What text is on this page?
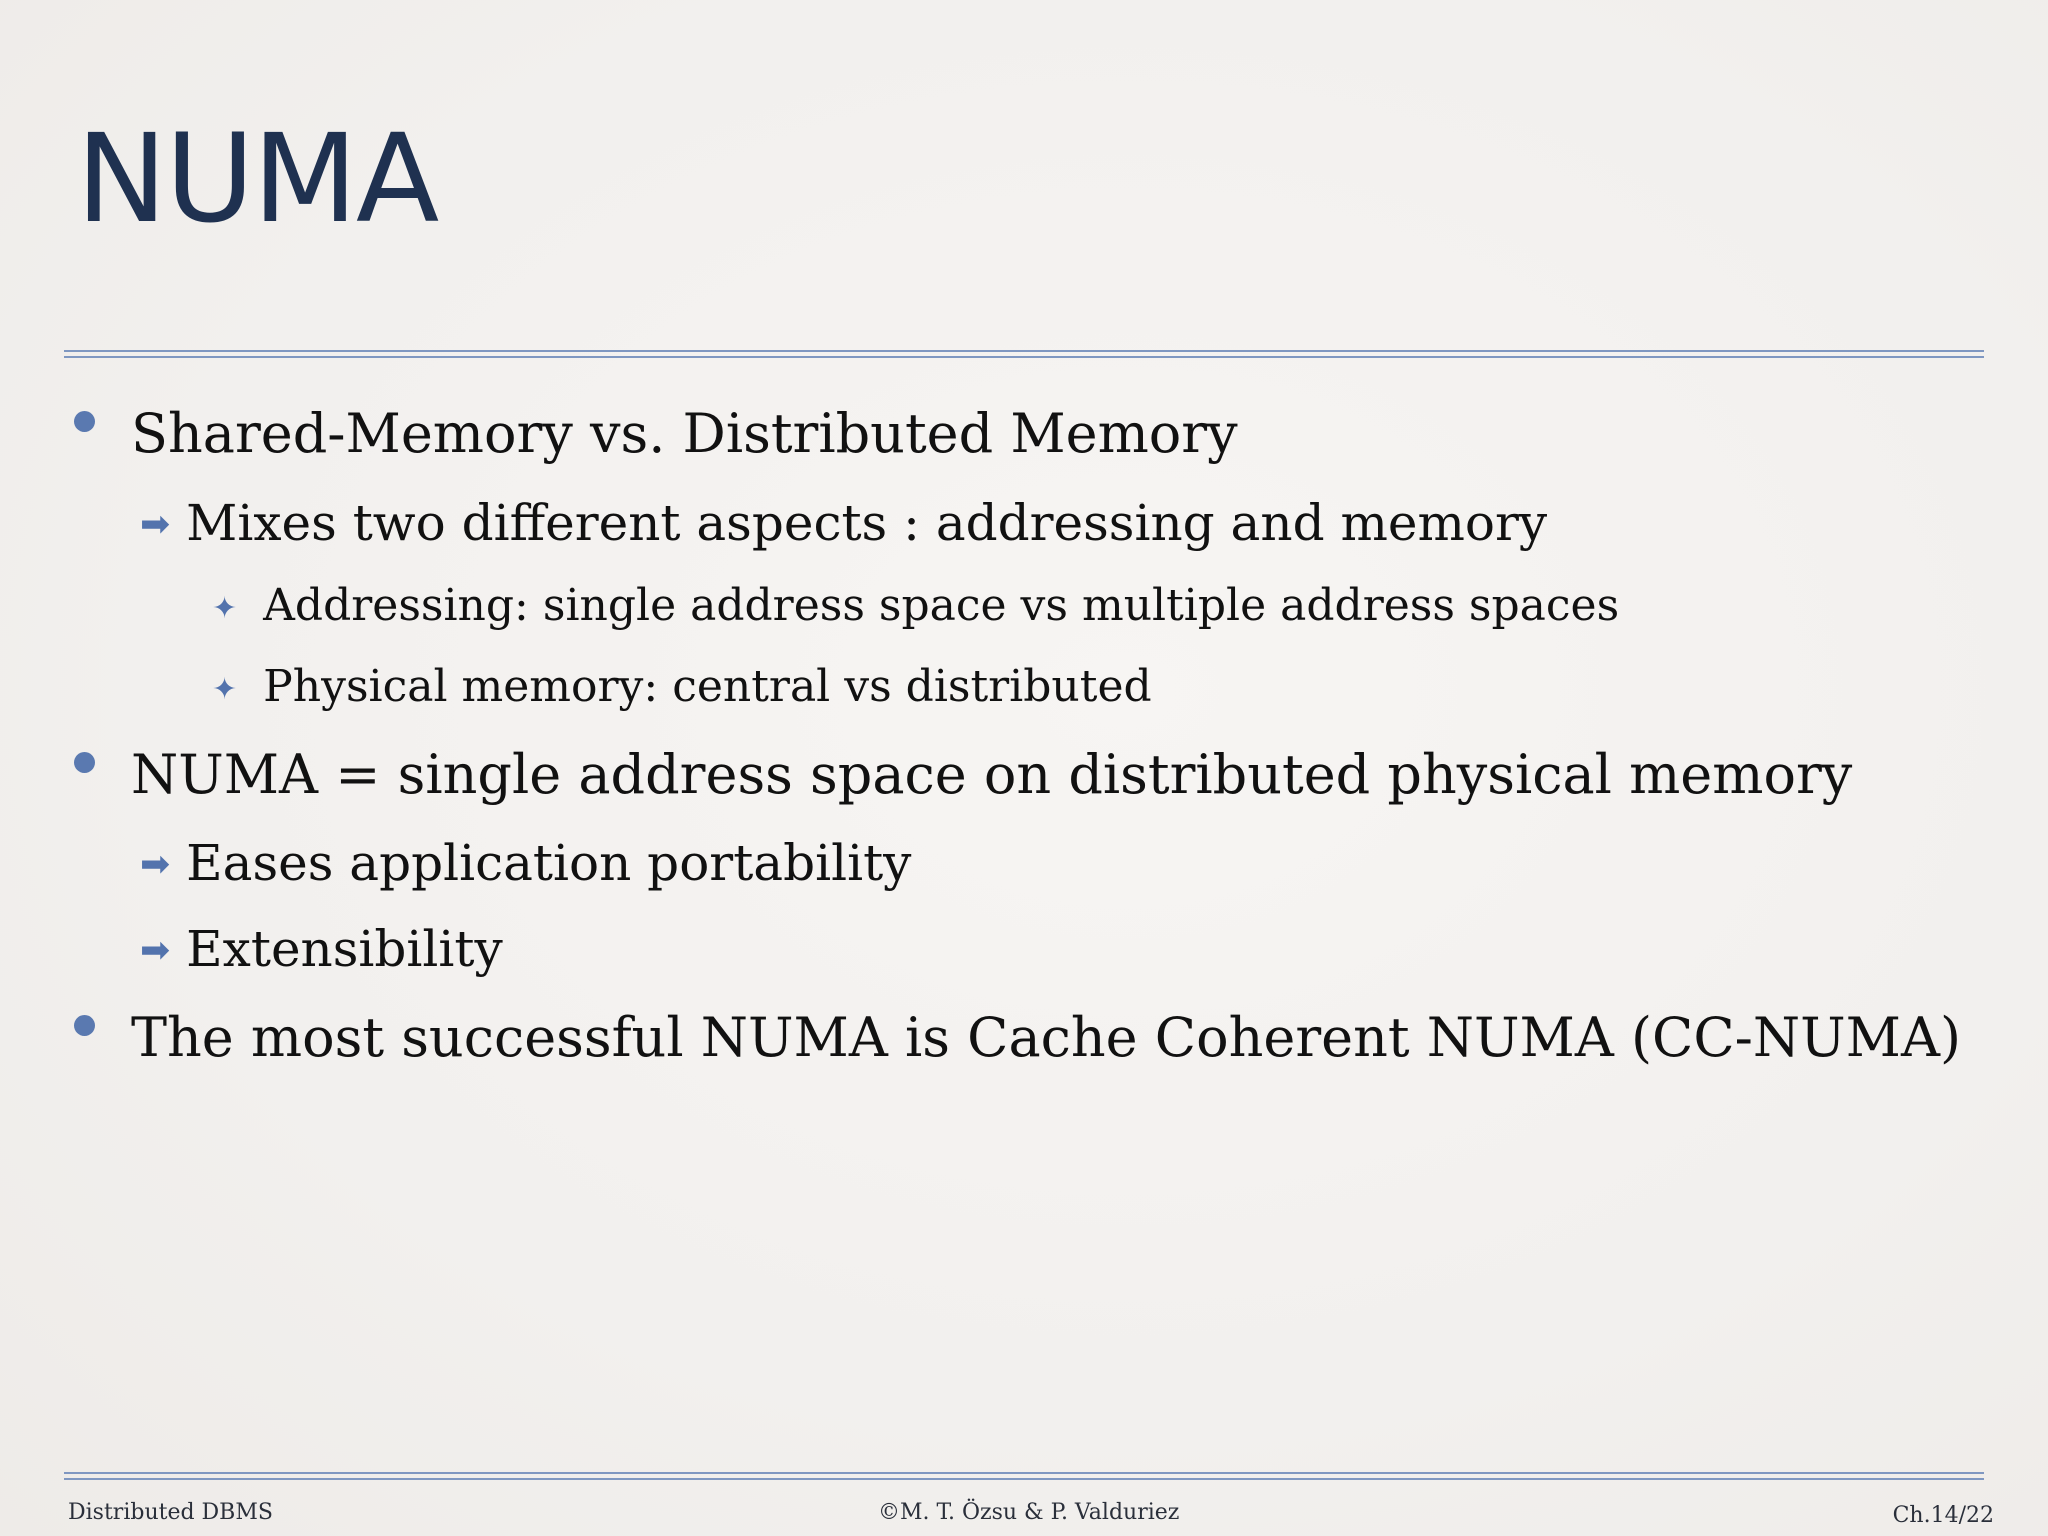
NUMA
Shared-Memory vs. Distributed Memory
➡ Mixes two different aspects : addressing and memory
✦ Addressing: single address space vs multiple address spaces
✦ Physical memory: central vs distributed
NUMA = single address space on distributed physical memory
➡ Eases application portability
➡ Extensibility
The most successful NUMA is Cache Coherent NUMA (CC-NUMA)
Distributed DBMS	©M. T. Özsu & P. Valduriez	Ch.14/22
